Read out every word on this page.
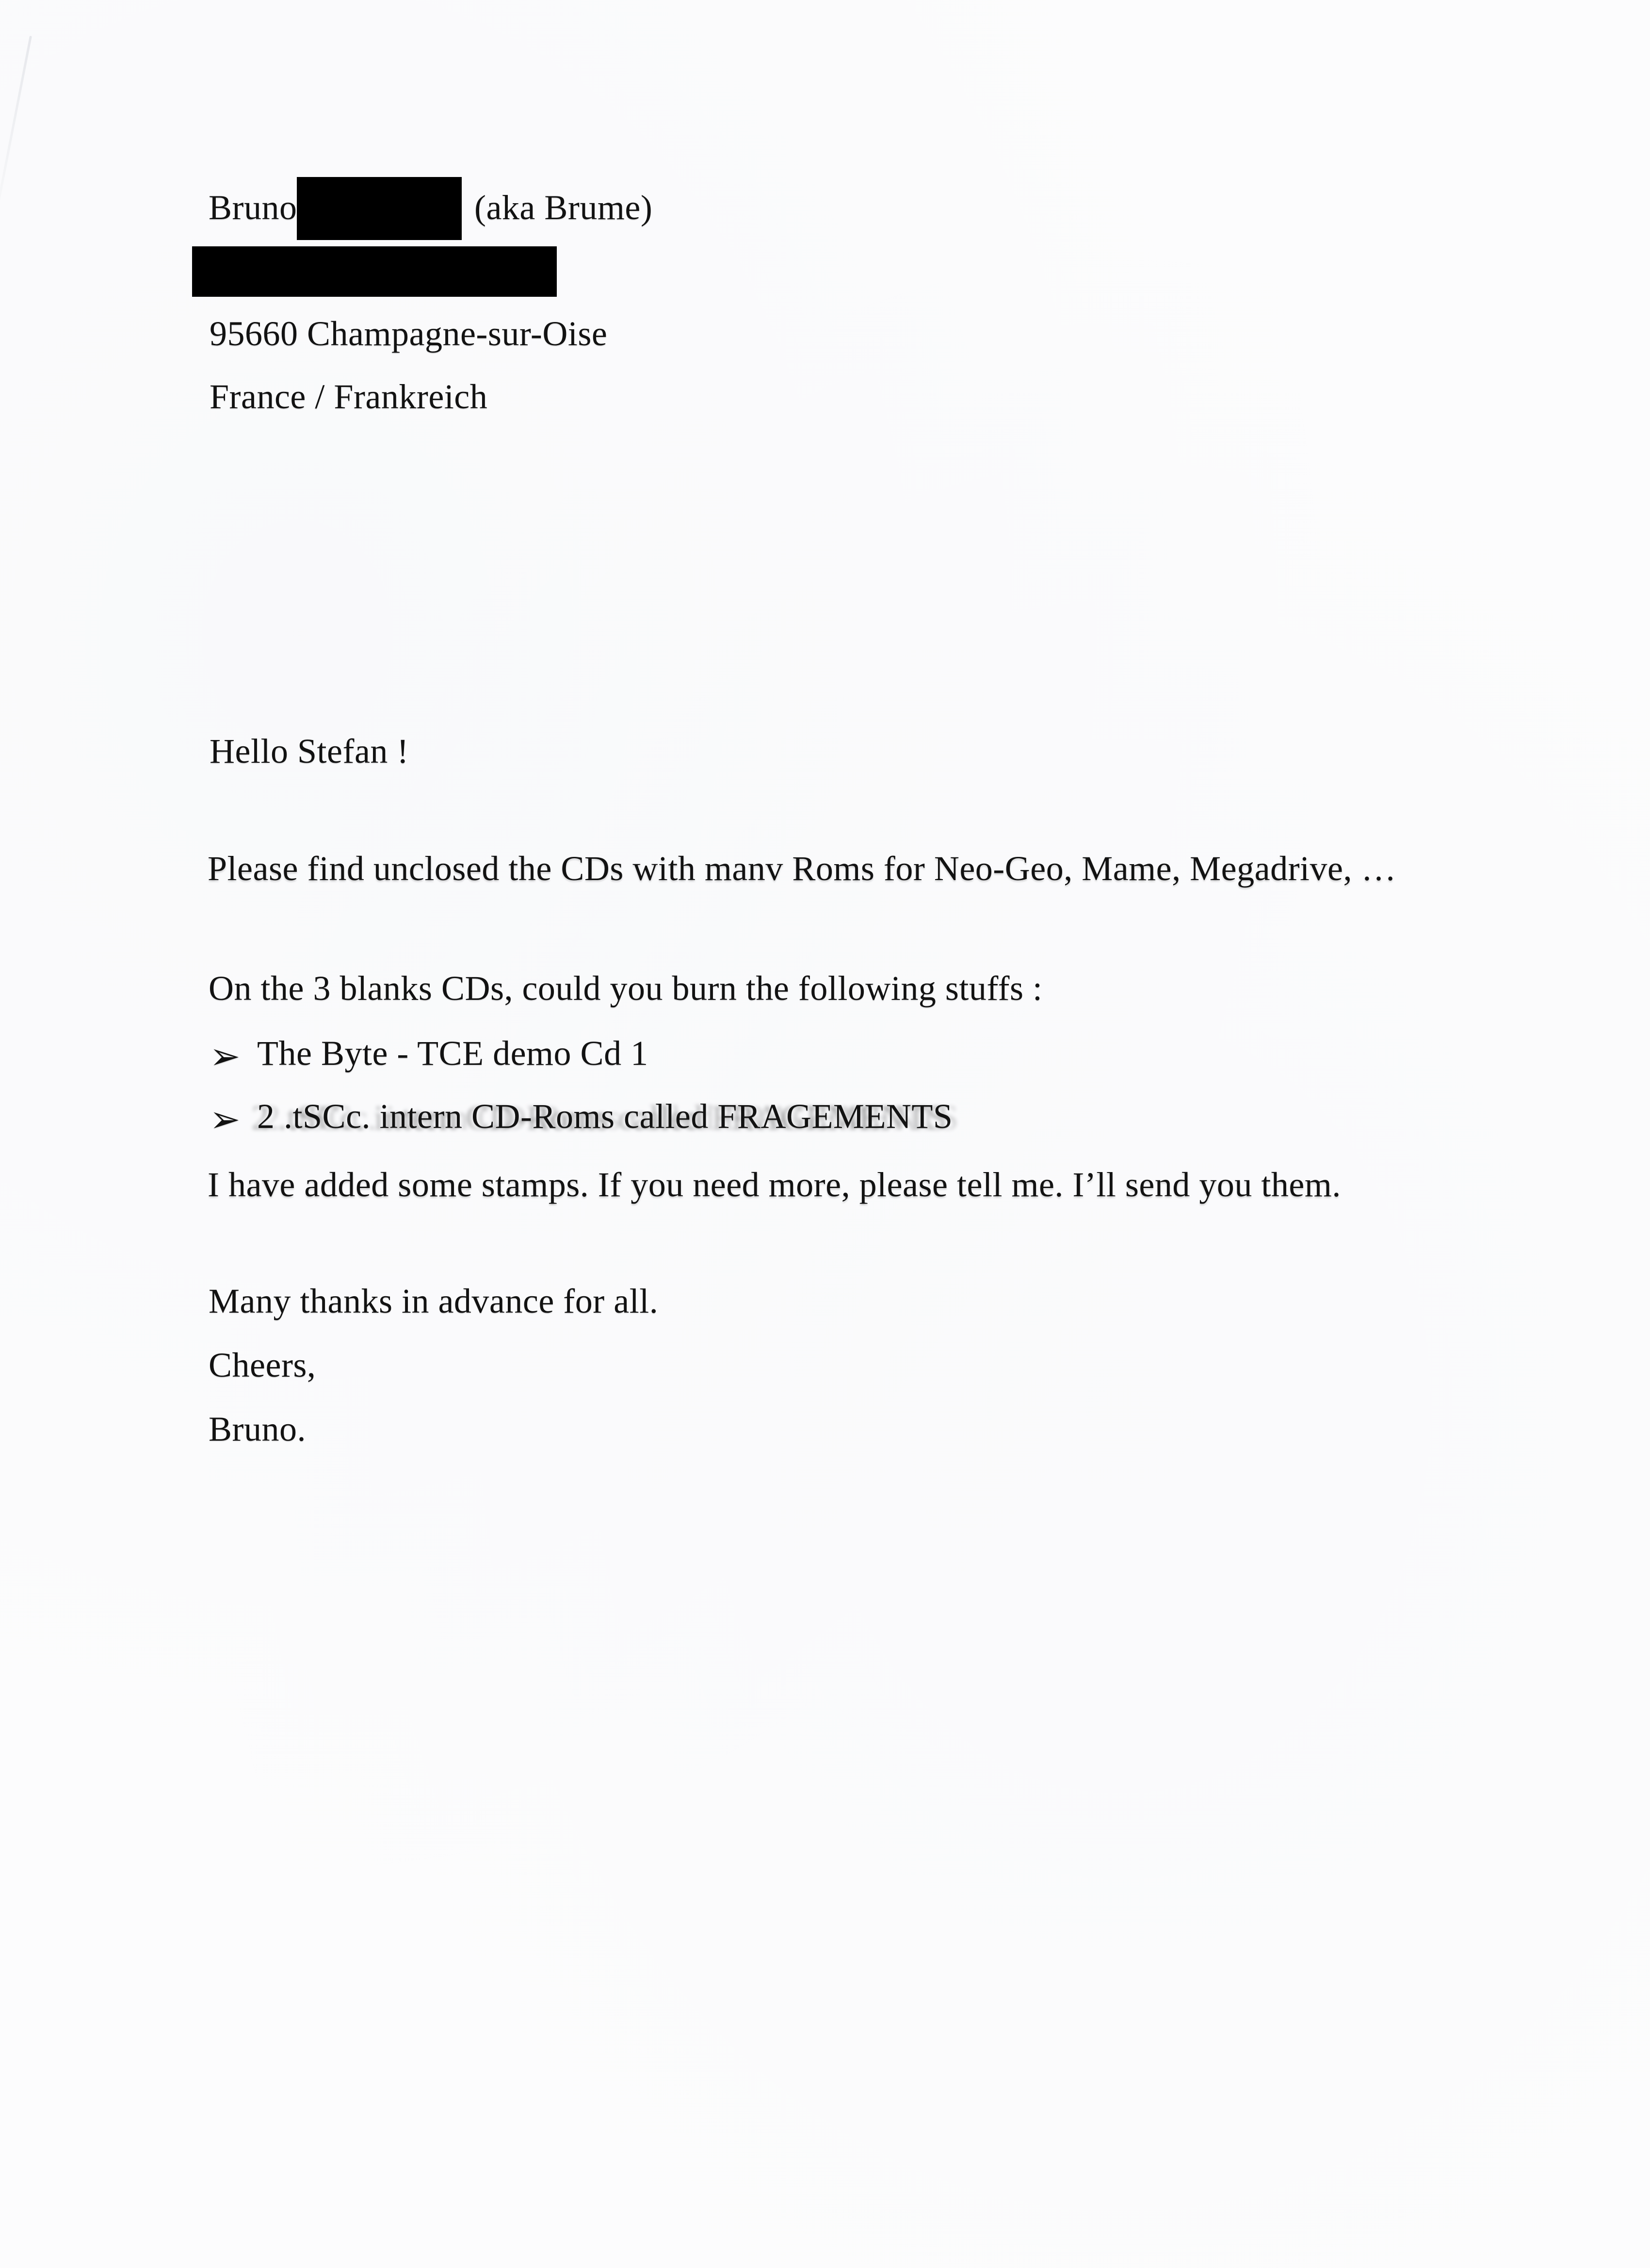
Bruno	(aka Brume)
95660 Champagne-sur-Oise
France / Frankreich
Hello Stefan !
Please find unclosed the CDs with manv Roms for Neo-Geo, Mame, Megadrive, …
On the 3 blanks CDs, could you burn the following stuffs :
➢ The Byte - TCE demo Cd 1
➢ 2 .tSCc. intern CD-Roms called FRAGEMENTS
I have added some stamps. If you need more, please tell me. I’ll send you them.
Many thanks in advance for all.
Cheers,
Bruno.
